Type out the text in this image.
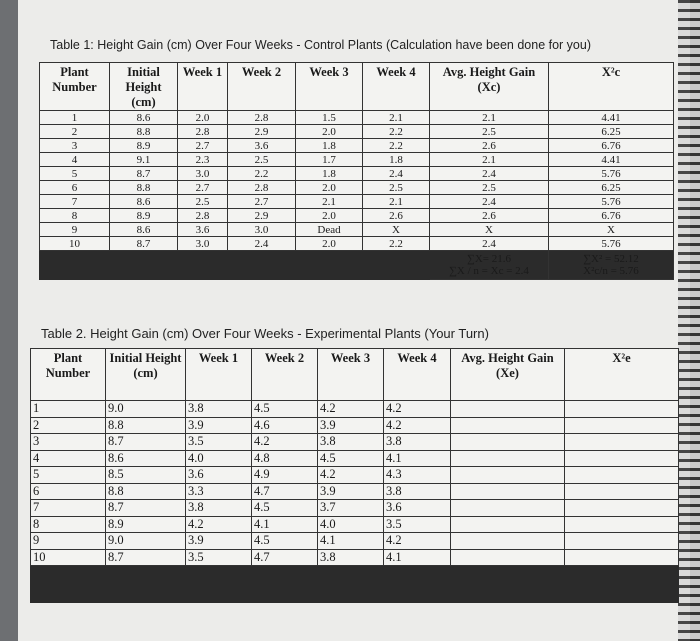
Table 1: Height Gain (cm) Over Four Weeks - Control Plants (Calculation have been done for you)
Plant Number	Initial Height (cm)	Week 1	Week 2	Week 3	Week 4	Avg. Height Gain (Xc)	X²c
1	8.6	2.0	2.8	1.5	2.1	2.1	4.41
2	8.8	2.8	2.9	2.0	2.2	2.5	6.25
3	8.9	2.7	3.6	1.8	2.2	2.6	6.76
4	9.1	2.3	2.5	1.7	1.8	2.1	4.41
5	8.7	3.0	2.2	1.8	2.4	2.4	5.76
6	8.8	2.7	2.8	2.0	2.5	2.5	6.25
7	8.6	2.5	2.7	2.1	2.1	2.4	5.76
8	8.9	2.8	2.9	2.0	2.6	2.6	6.76
9	8.6	3.6	3.0	Dead	X	X	X
10	8.7	3.0	2.4	2.0	2.2	2.4	5.76

						∑X= 21.6
∑X / n = Xc = 2.4	∑X² = 52.12
X²c/n = 5.76
Table 2. Height Gain (cm) Over Four Weeks - Experimental Plants (Your Turn)
Plant Number	Initial Height (cm)	Week 1	Week 2	Week 3	Week 4	Avg. Height Gain (Xe)	X²e
1	9.0	3.8	4.5	4.2	4.2		
2	8.8	3.9	4.6	3.9	4.2		
3	8.7	3.5	4.2	3.8	3.8		
4	8.6	4.0	4.8	4.5	4.1		
5	8.5	3.6	4.9	4.2	4.3		
6	8.8	3.3	4.7	3.9	3.8		
7	8.7	3.8	4.5	3.7	3.6		
8	8.9	4.2	4.1	4.0	3.5		
9	9.0	3.9	4.5	4.1	4.2		
10	8.7	3.5	4.7	3.8	4.1		
